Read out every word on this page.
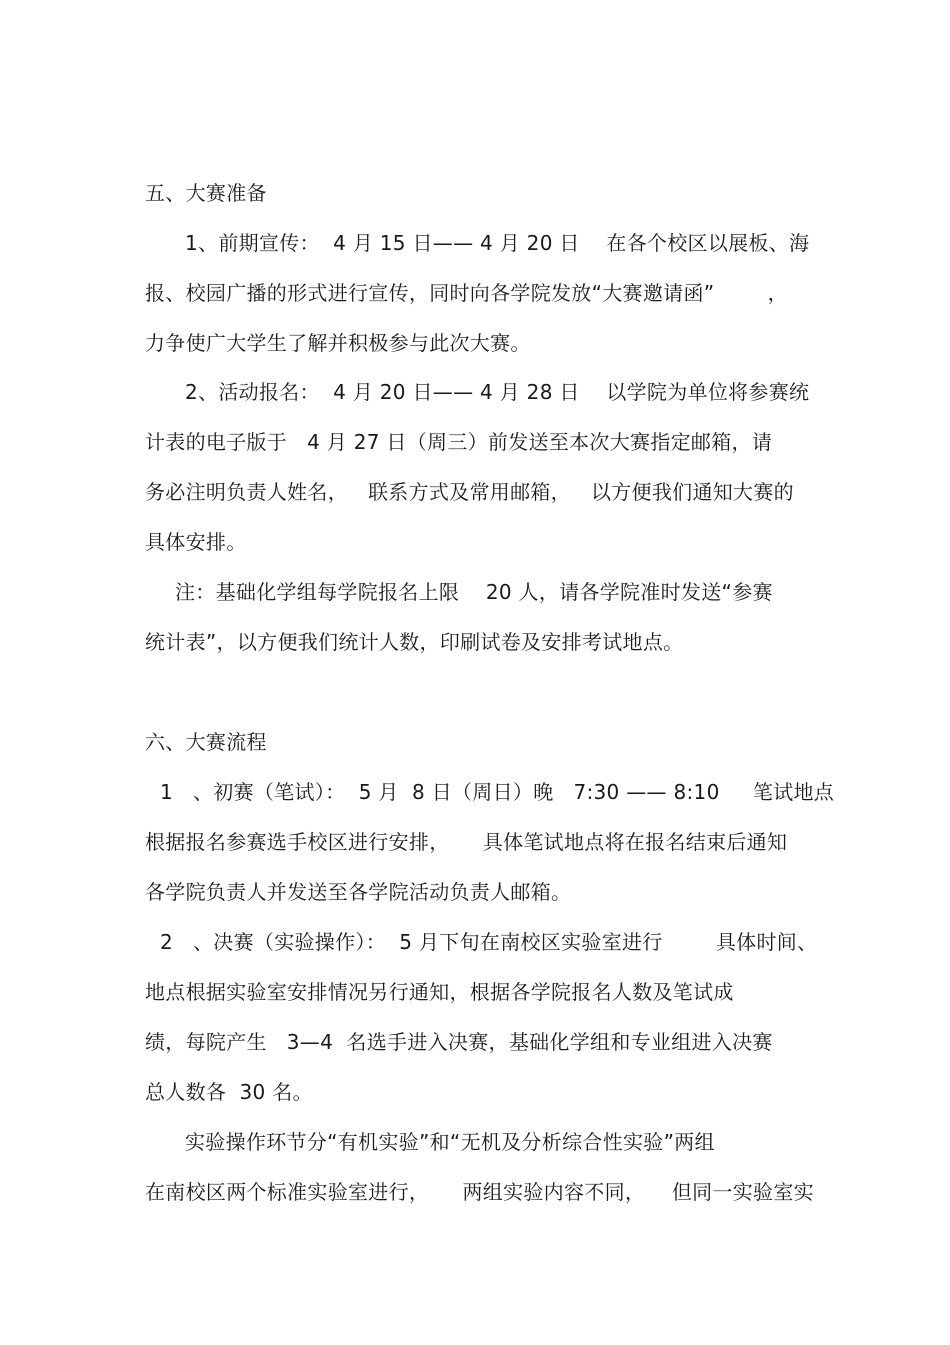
五、大赛准备
1、前期宣传：  4 月 15 日—— 4 月 20 日    在各个校区以展板、海
报、校园广播的形式进行宣传，同时向各学院发放“大赛邀请函”        ，
力争使广大学生了解并积极参与此次大赛。
2、活动报名：  4 月 20 日—— 4 月 28 日    以学院为单位将参赛统
计表的电子版于   4 月 27 日（周三）前发送至本次大赛指定邮箱，请
务必注明负责人姓名，   联系方式及常用邮箱，   以方便我们通知大赛的
具体安排。
注：基础化学组每学院报名上限    20 人，请各学院准时发送“参赛
统计表”，以方便我们统计人数，印刷试卷及安排考试地点。
六、大赛流程
1   、初赛（笔试）：  5 月  8 日（周日）晚   7:30 —— 8:10     笔试地点
根据报名参赛选手校区进行安排，     具体笔试地点将在报名结束后通知
各学院负责人并发送至各学院活动负责人邮箱。
2   、决赛（实验操作）：  5 月下旬在南校区实验室进行        具体时间、
地点根据实验室安排情况另行通知，根据各学院报名人数及笔试成
绩，每院产生   3—4  名选手进入决赛，基础化学组和专业组进入决赛
总人数各  30 名。
实验操作环节分“有机实验”和“无机及分析综合性实验”两组
在南校区两个标准实验室进行，     两组实验内容不同，    但同一实验室实
